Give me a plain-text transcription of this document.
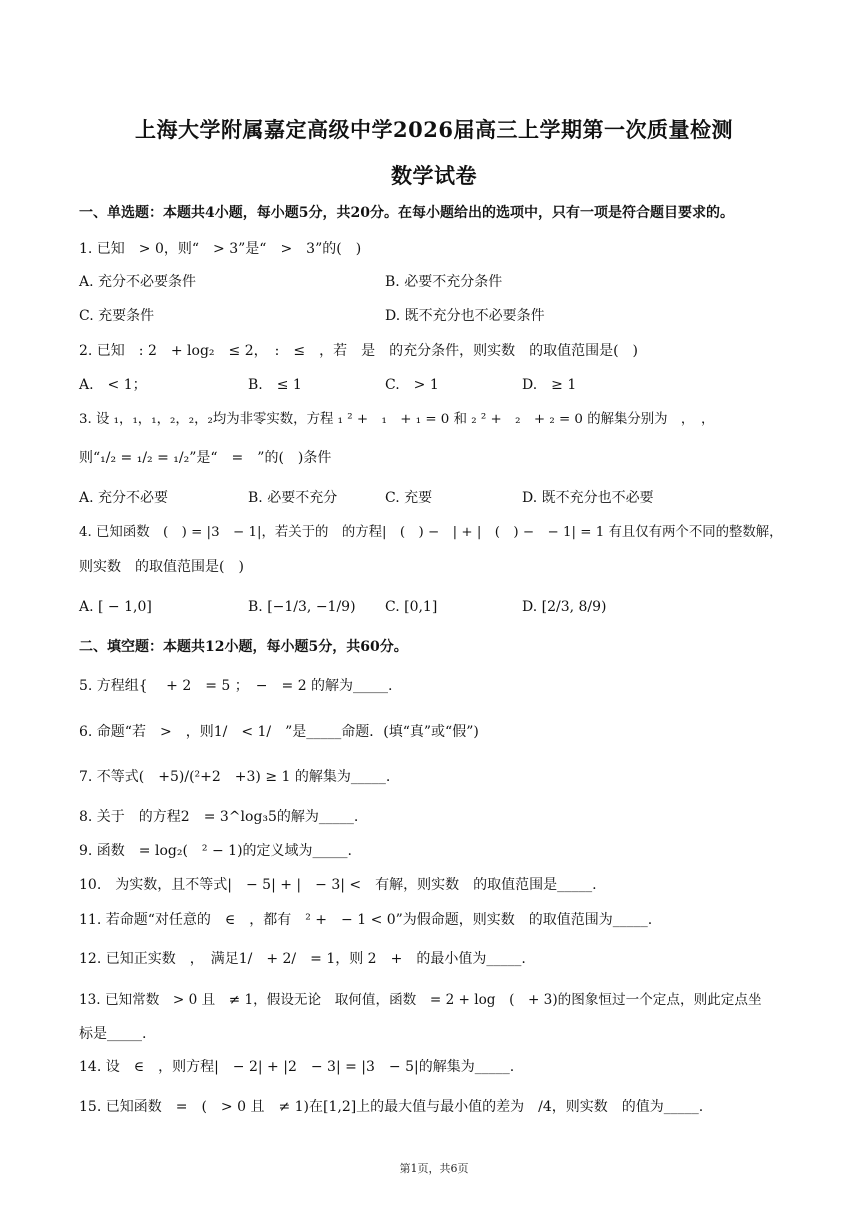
上海大学附属嘉定高级中学2026届高三上学期第一次质量检测
数学试卷
一、单选题：本题共4小题，每小题5分，共20分。在每小题给出的选项中，只有一项是符合题目要求的。
1. 已知　> 0，则“　> 3”是“　>　3”的(　)
A. 充分不必要条件	B. 必要不充分条件
C. 充要条件	D. 既不充分也不必要条件
2. 已知　: 2　+ log₂　≤ 2，　:　≤　，若　是　的充分条件，则实数　的取值范围是(　)
A.　< 1；	B.　≤ 1	C.　> 1	D.　≥ 1
3. 设 ₁，₁，₁，₂，₂，₂均为非零实数，方程 ₁ ² +　₁　+ ₁ = 0 和 ₂ ² +　₂　+ ₂ = 0 的解集分别为　，　，
则“₁/₂ = ₁/₂ = ₁/₂”是“　=　”的(　)条件
A. 充分不必要	B. 必要不充分	C. 充要	D. 既不充分也不必要
4. 已知函数　(　) = |3　− 1|，若关于的　的方程|　(　) −　| + |　(　) −　− 1| = 1 有且仅有两个不同的整数解，
则实数　的取值范围是(　)
A. [ − 1,0]	B. [−1/3, −1/9) C. [0,1]	D. [2/3, 8/9)
二、填空题：本题共12小题，每小题5分，共60分。
5. 方程组{ 　+ 2　= 5 ；　−　= 2 的解为_____.
6. 命题“若　>　，则1/　< 1/　”是_____命题．(填“真”或“假”)
7. 不等式(　+5)/(²+2　+3) ≥ 1 的解集为_____.
8. 关于　的方程2　= 3^log₃5的解为_____.
9. 函数　= log₂(　² − 1)的定义域为_____.
10.　为实数，且不等式|　− 5| + |　− 3| <　有解，则实数　的取值范围是_____.
11. 若命题“对任意的　∈　，都有　² +　− 1 < 0”为假命题，则实数　的取值范围为_____.
12. 已知正实数　，　满足1/　+ 2/　= 1，则 2　+　的最小值为_____.
13. 已知常数　> 0 且　≠ 1，假设无论　取何值，函数　= 2 + log　(　+ 3)的图象恒过一个定点，则此定点坐
标是_____.
14. 设　∈　，则方程|　− 2| + |2　− 3| = |3　− 5|的解集为_____.
15. 已知函数　=　(　> 0 且　≠ 1)在[1,2]上的最大值与最小值的差为　/4，则实数　的值为_____.
第1页，共6页
